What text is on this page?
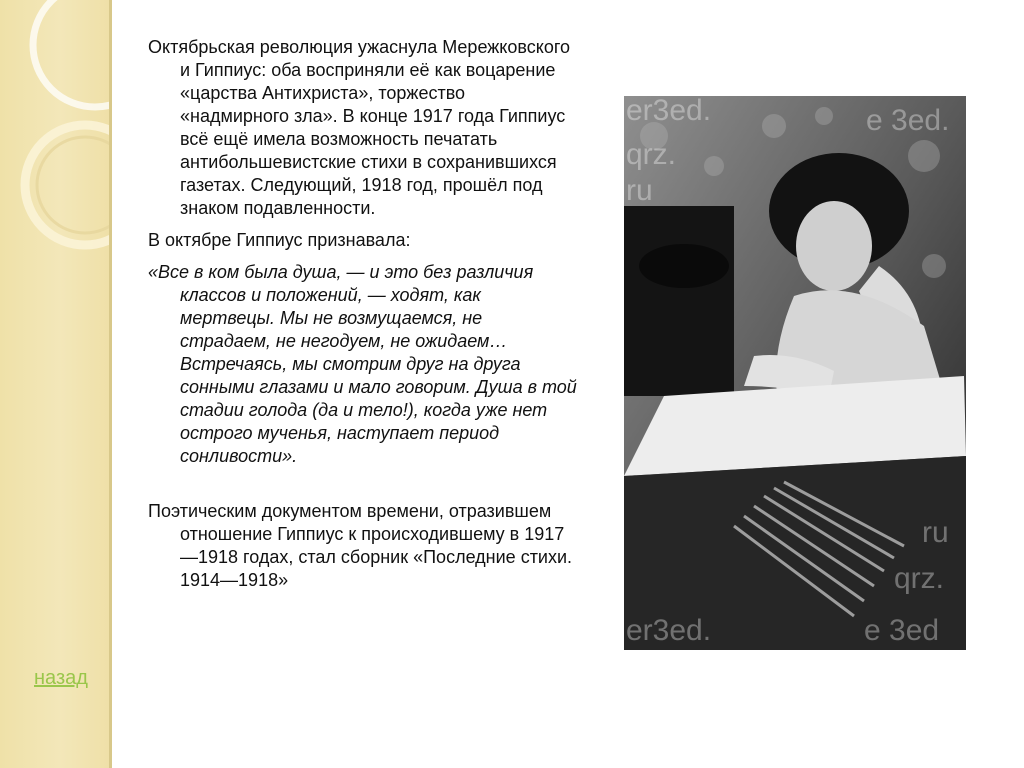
назад

Октябрьская революция ужаснула Мережковского и Гиппиус: оба восприняли её как воцарение «царства Антихриста», торжество «надмирного зла». В конце 1917 года Гиппиус всё ещё имела возможность печатать антибольшевистские стихи в сохранившихся газетах. Следующий, 1918 год, прошёл под знаком подавленности.

В октябре Гиппиус признавала:

«Все в ком была душа, — и это без различия классов и положений, — ходят, как мертвецы. Мы не возмущаемся, не страдаем, не негодуем, не ожидаем… Встречаясь, мы смотрим друг на друга сонными глазами и мало говорим. Душа в той стадии голода (да и тело!), когда уже нет острого мученья, наступает период сонливости».

Поэтическим документом времени, отразившем отношение Гиппиус к происходившему в 1917—1918 годах, стал сборник «Последние стихи. 1914—1918»

er3ed.	e 3ed.
qrz.
ru
ru
qrz.
er3ed.	e 3ed
